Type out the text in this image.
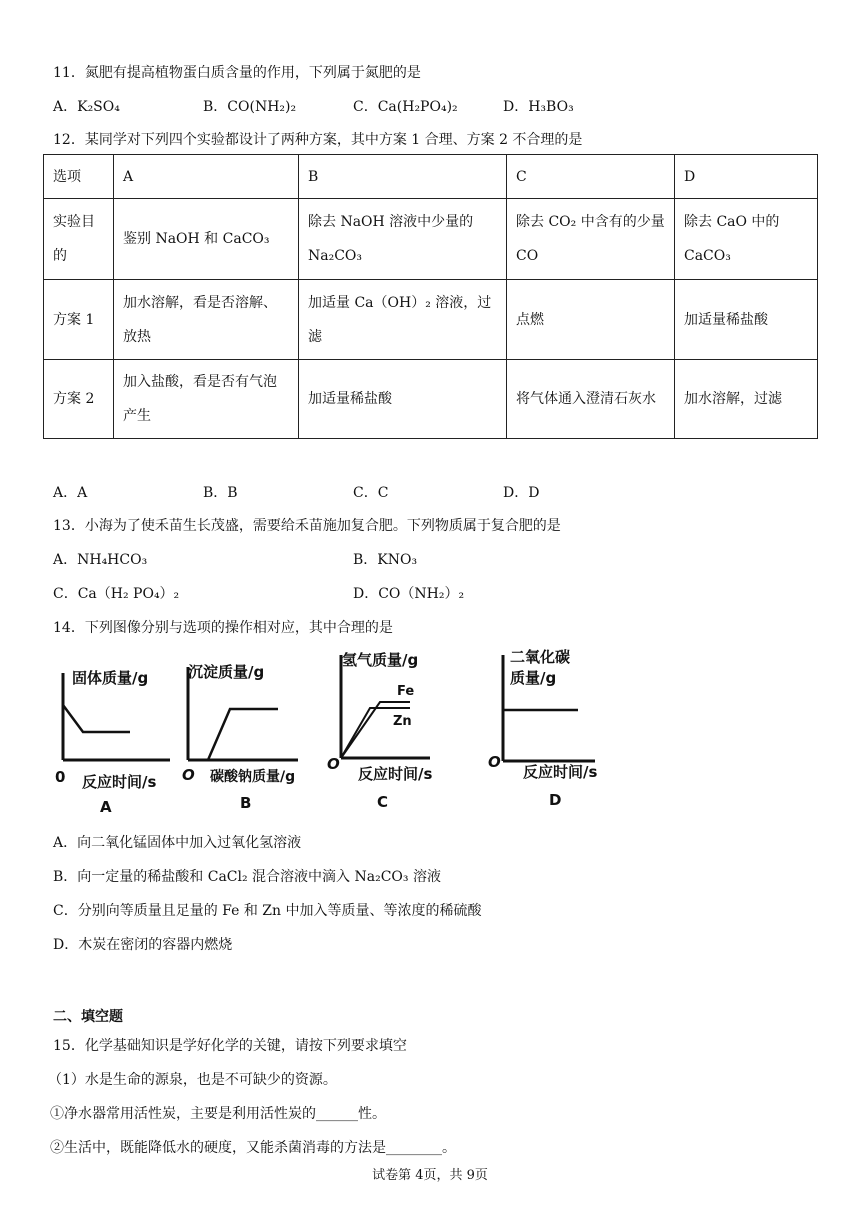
11．氮肥有提高植物蛋白质含量的作用，下列属于氮肥的是
A．K₂SO₄	B．CO(NH₂)₂	C．Ca(H₂PO₄)₂	D．H₃BO₃
12．某同学对下列四个实验都设计了两种方案，其中方案 1 合理、方案 2 不合理的是
选项	A	B	C	D
实验目的	鉴别 NaOH 和 CaCO₃	除去 NaOH 溶液中少量的 Na₂CO₃	除去 CO₂ 中含有的少量 CO	除去 CaO 中的 CaCO₃
方案 1	加水溶解，看是否溶解、放热	加适量 Ca（OH）₂ 溶液，过滤	点燃	加适量稀盐酸
方案 2	加入盐酸，看是否有气泡产生	加适量稀盐酸	将气体通入澄清石灰水	加水溶解，过滤
A．A	B．B	C．C	D．D
13．小海为了使禾苗生长茂盛，需要给禾苗施加复合肥。下列物质属于复合肥的是
A．NH₄HCO₃	B．KNO₃
C．Ca（H₂ PO₄）₂	D．CO（NH₂）₂
14．下列图像分别与选项的操作相对应，其中合理的是
固体质量/g
0 反应时间/s
A
沉淀质量/g
O 碳酸钠质量/g
B
氢气质量/g
Fe
Zn
O
反应时间/s
C
二氧化碳
质量/g
O
反应时间/s
D
A．向二氧化锰固体中加入过氧化氢溶液
B．向一定量的稀盐酸和 CaCl₂ 混合溶液中滴入 Na₂CO₃ 溶液
C．分别向等质量且足量的 Fe 和 Zn 中加入等质量、等浓度的稀硫酸
D．木炭在密闭的容器内燃烧
二、填空题
15．化学基础知识是学好化学的关键，请按下列要求填空
（1）水是生命的源泉，也是不可缺少的资源。
①净水器常用活性炭，主要是利用活性炭的______性。
②生活中，既能降低水的硬度，又能杀菌消毒的方法是________。
试卷第 4页，共 9页
